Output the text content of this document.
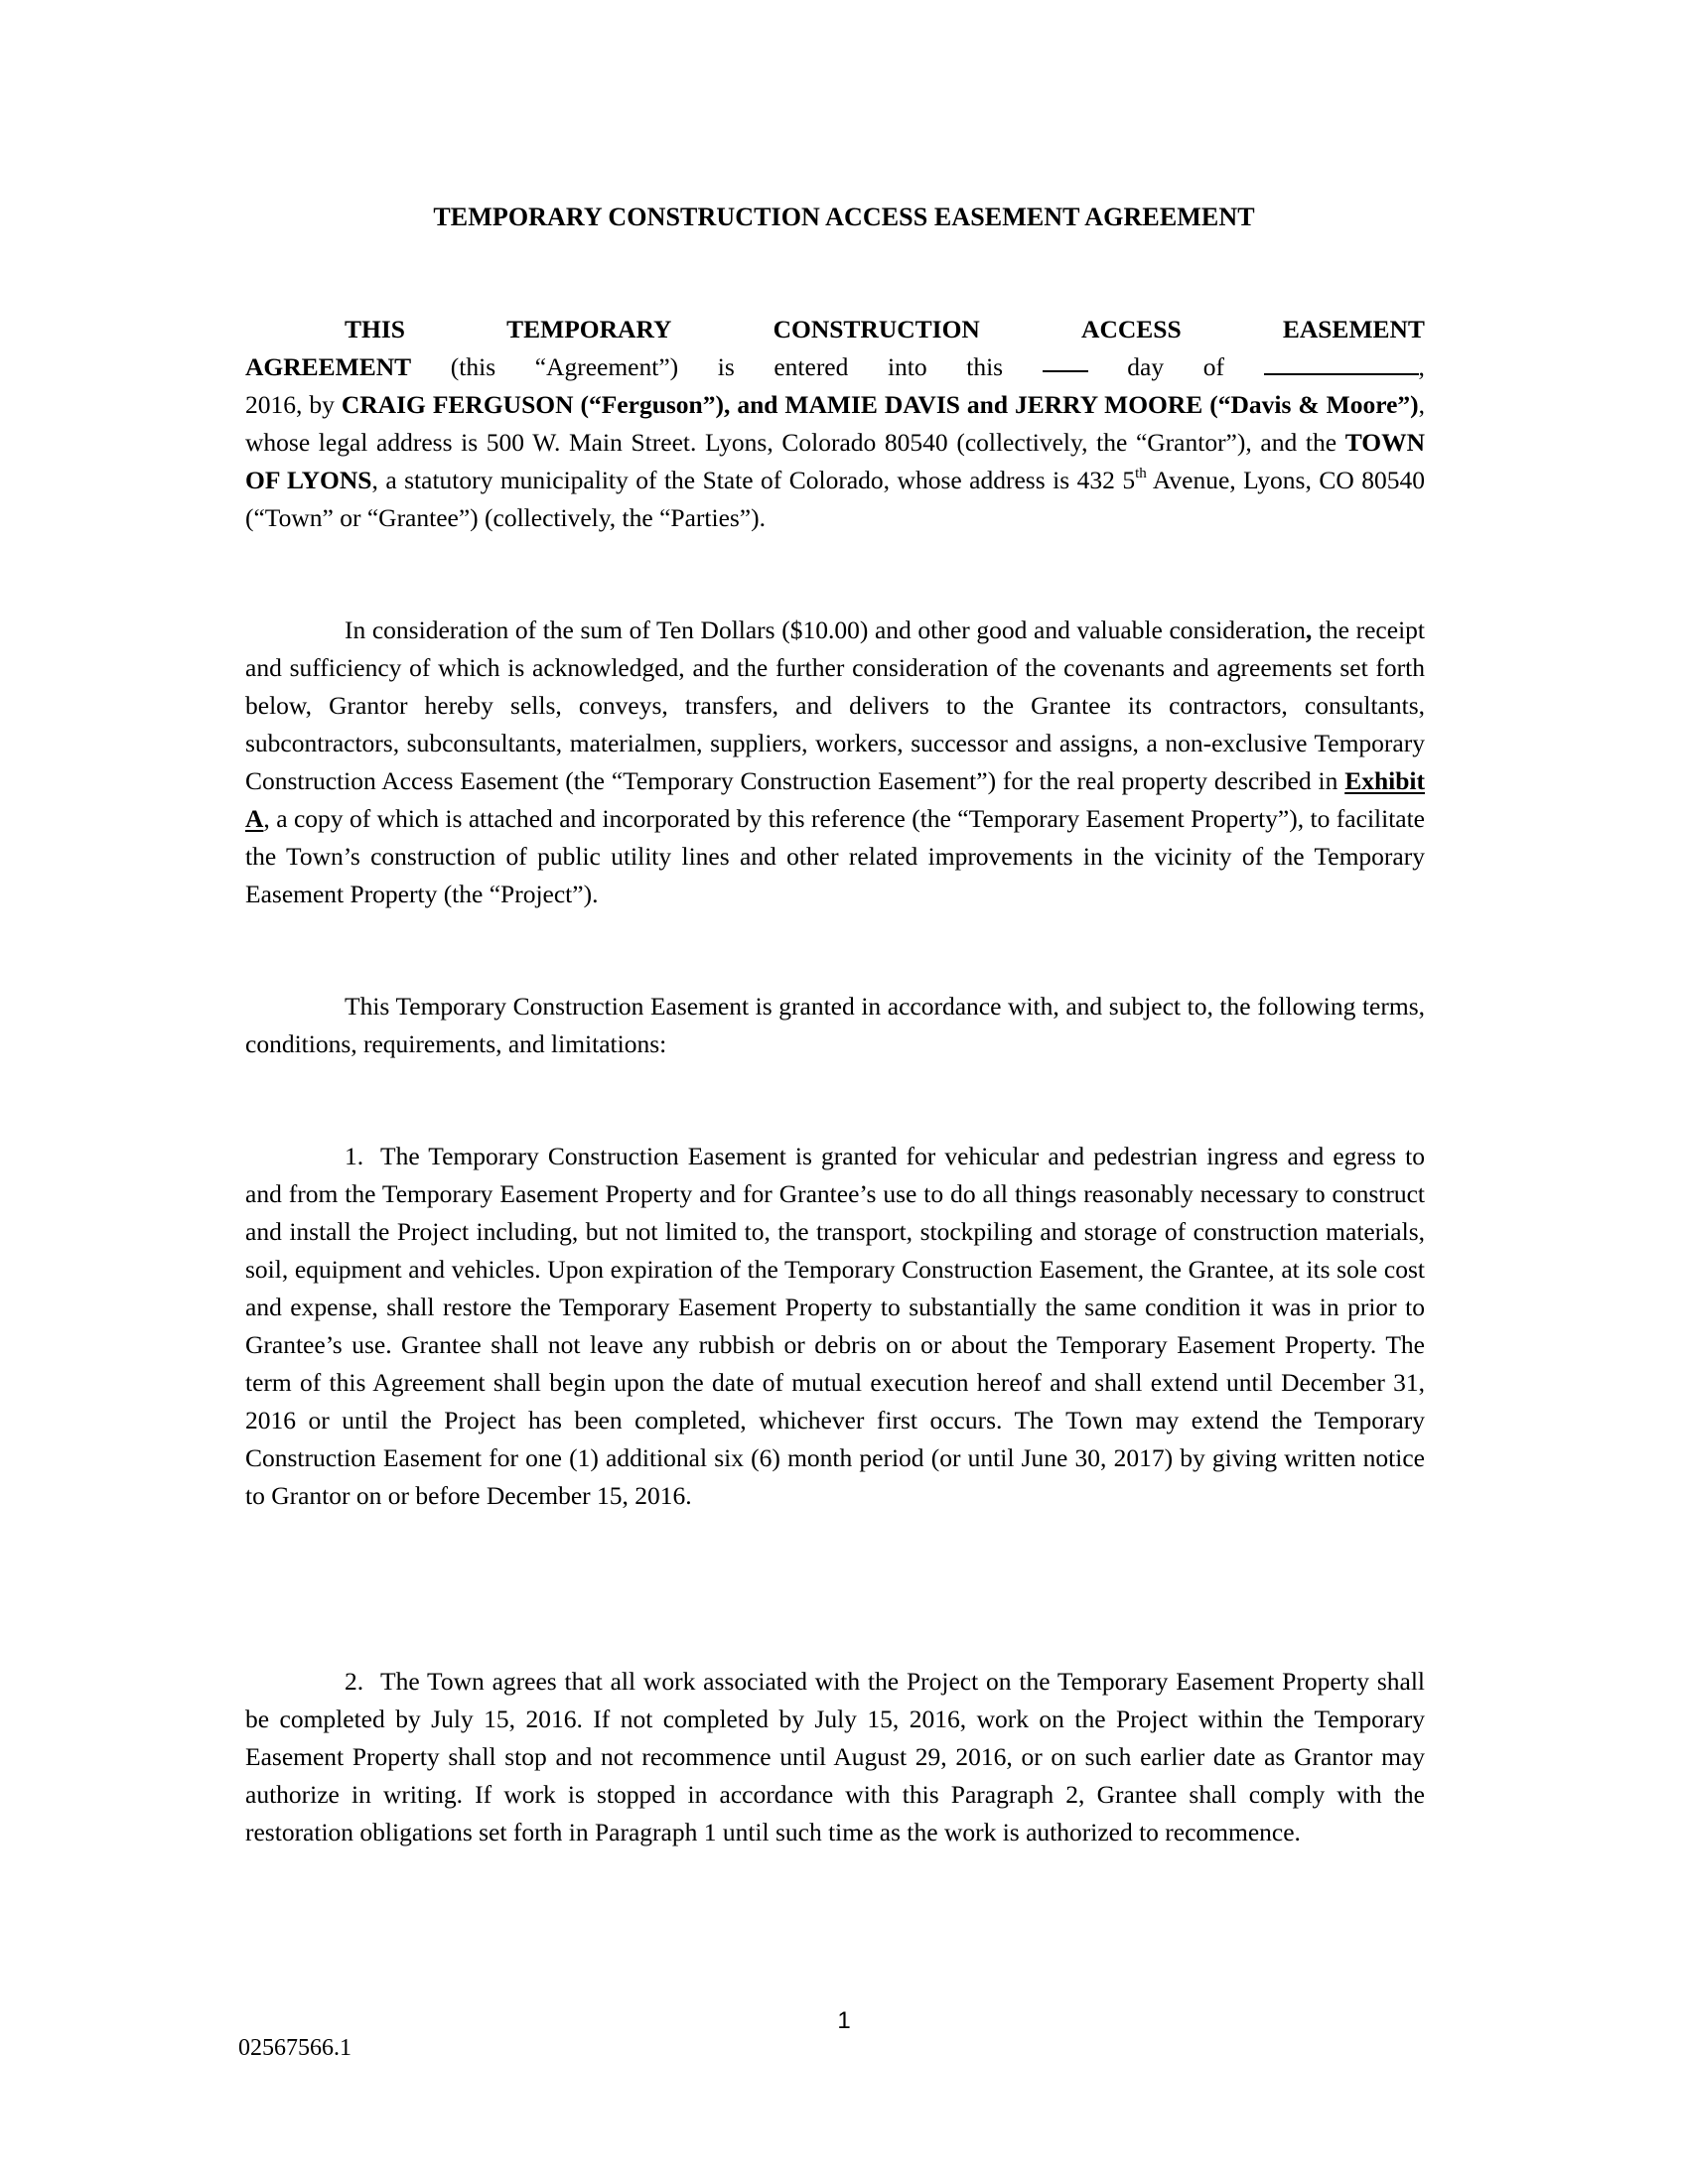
TEMPORARY CONSTRUCTION ACCESS EASEMENT AGREEMENT
THIS	TEMPORARY	CONSTRUCTION	ACCESS	EASEMENT
AGREEMENT (this “Agreement”) is entered into this	day of	,

2016, by CRAIG FERGUSON (“Ferguson”), and MAMIE DAVIS and JERRY MOORE (“Davis & Moore”), whose legal address is 500 W. Main Street. Lyons, Colorado 80540 (collectively, the “Grantor”), and the TOWN OF LYONS, a statutory municipality of the State of Colorado, whose address is 432 5th Avenue, Lyons, CO 80540 (“Town” or “Grantee”) (collectively, the “Parties”).

In consideration of the sum of Ten Dollars ($10.00) and other good and valuable consideration, the receipt and sufficiency of which is acknowledged, and the further consideration of the covenants and agreements set forth below, Grantor hereby sells, conveys, transfers, and delivers to the Grantee its contractors, consultants, subcontractors, subconsultants, materialmen, suppliers, workers, successor and assigns, a non-exclusive Temporary Construction Access Easement (the “Temporary Construction Easement”) for the real property described in Exhibit A, a copy of which is attached and incorporated by this reference (the “Temporary Easement Property”), to facilitate the Town’s construction of public utility lines and other related improvements in the vicinity of the Temporary Easement Property (the “Project”).

This Temporary Construction Easement is granted in accordance with, and subject to, the following terms, conditions, requirements, and limitations:

1. The Temporary Construction Easement is granted for vehicular and pedestrian ingress and egress to and from the Temporary Easement Property and for Grantee’s use to do all things reasonably necessary to construct and install the Project including, but not limited to, the transport, stockpiling and storage of construction materials, soil, equipment and vehicles. Upon expiration of the Temporary Construction Easement, the Grantee, at its sole cost and expense, shall restore the Temporary Easement Property to substantially the same condition it was in prior to Grantee’s use. Grantee shall not leave any rubbish or debris on or about the Temporary Easement Property. The term of this Agreement shall begin upon the date of mutual execution hereof and shall extend until December 31, 2016 or until the Project has been completed, whichever first occurs. The Town may extend the Temporary Construction Easement for one (1) additional six (6) month period (or until June 30, 2017) by giving written notice to Grantor on or before December 15, 2016.

2. The Town agrees that all work associated with the Project on the Temporary Easement Property shall be completed by July 15, 2016. If not completed by July 15, 2016, work on the Project within the Temporary Easement Property shall stop and not recommence until August 29, 2016, or on such earlier date as Grantor may authorize in writing. If work is stopped in accordance with this Paragraph 2, Grantee shall comply with the restoration obligations set forth in Paragraph 1 until such time as the work is authorized to recommence.

1
02567566.1
